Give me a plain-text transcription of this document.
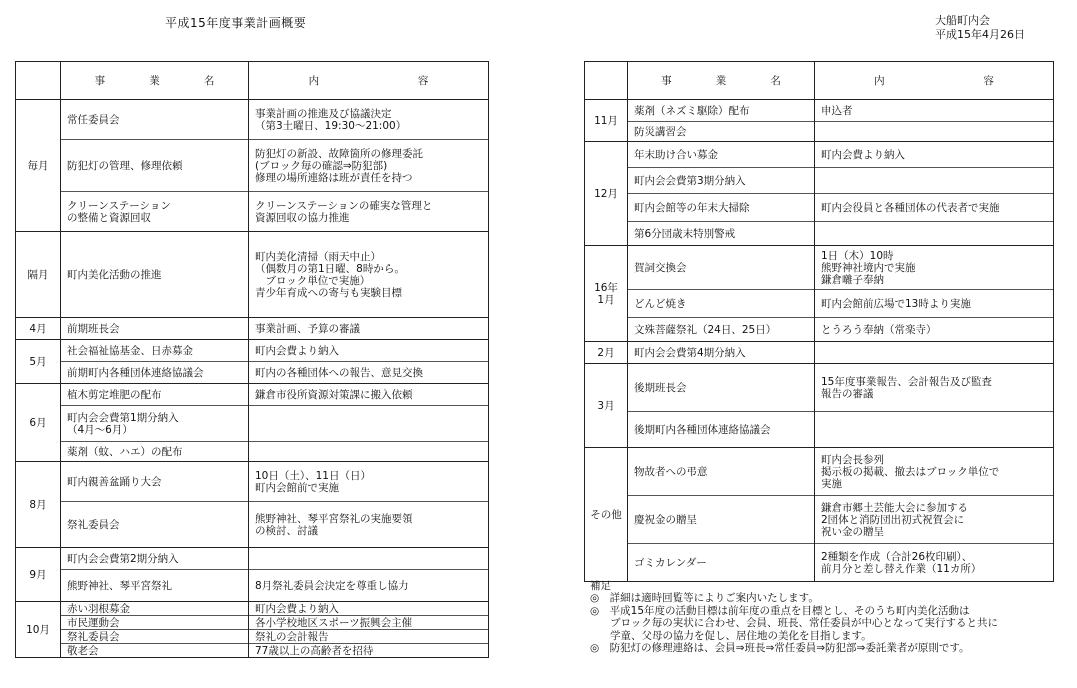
平成15年度事業計画概要	大船町内会
平成15年4月26日
	事　業　名	内　　　容

毎月	常任委員会	事業計画の推進及び協議決定
（第3土曜日、19:30～21:00）

	防犯灯の管理、修理依頼	防犯灯の新設、故障箇所の修理委託
(ブロック毎の確認⇒防犯部)
修理の場所連絡は班が責任を持つ

	クリーンステーション
の整備と資源回収	クリーンステーションの確実な管理と
資源回収の協力推進

隔月	町内美化活動の推進	町内美化清掃（雨天中止）
（偶数月の第1日曜、8時から。
　ブロック単位で実施）
青少年育成への寄与も実験目標

4月	前期班長会	事業計画、予算の審議

5月	社会福祉協基金、日赤募金	町内会費より納入

	前期町内各種団体連絡協議会	町内の各種団体への報告、意見交換

6月	植木剪定堆肥の配布	鎌倉市役所資源対策課に搬入依頼

	町内会会費第1期分納入
（4月～6月）	

	薬剤（蚊、ハエ）の配布	

8月	町内親善盆踊り大会	10日（土）、11日（日）
町内会館前で実施

	祭礼委員会	熊野神社、琴平宮祭礼の実施要領
の検討、討議

9月	町内会会費第2期分納入	

	熊野神社、琴平宮祭礼	8月祭礼委員会決定を尊重し協力

10月	赤い羽根募金	町内会費より納入

	市民運動会	各小学校地区スポーツ振興会主催

	祭礼委員会	祭礼の会計報告

	敬老会	77歳以上の高齢者を招待
	事　業　名	内　　　容

11月	薬剤（ネズミ駆除）配布	申込者

	防災講習会	

12月	年末助け合い募金	町内会費より納入

	町内会会費第3期分納入	

	町内会館等の年末大掃除	町内会役員と各種団体の代表者で実施

	第6分団歳末特別警戒	

16年
1月	賀詞交換会	1日（木）10時
熊野神社境内で実施
鎌倉囃子奉納

	どんど焼き	町内会館前広場で13時より実施

	文殊菩薩祭礼（24日、25日）	とうろう奉納（常楽寺）

2月	町内会会費第4期分納入	

3月	後期班長会	15年度事業報告、会計報告及び監査
報告の審議

	後期町内各種団体連絡協議会	

その他	物故者への弔意	町内会長参列
掲示板の掲載、撤去はブロック単位で
実施

	慶祝金の贈呈	鎌倉市郷土芸能大会に参加する
2団体と消防団出初式祝賀会に
祝い金の贈呈

	ゴミカレンダー	2種類を作成（合計26枚印刷）、
前月分と差し替え作業（11カ所）
補足
◎　詳細は適時回覧等によりご案内いたします。
◎　平成15年度の活動目標は前年度の重点を目標とし、そのうち町内美化活動は
ブロック毎の実状に合わせ、会員、班長、常任委員が中心となって実行すると共に
学童、父母の協力を促し、居住地の美化を目指します。
◎　防犯灯の修理連絡は、会員⇒班長⇒常任委員⇒防犯部⇒委託業者が原則です。
